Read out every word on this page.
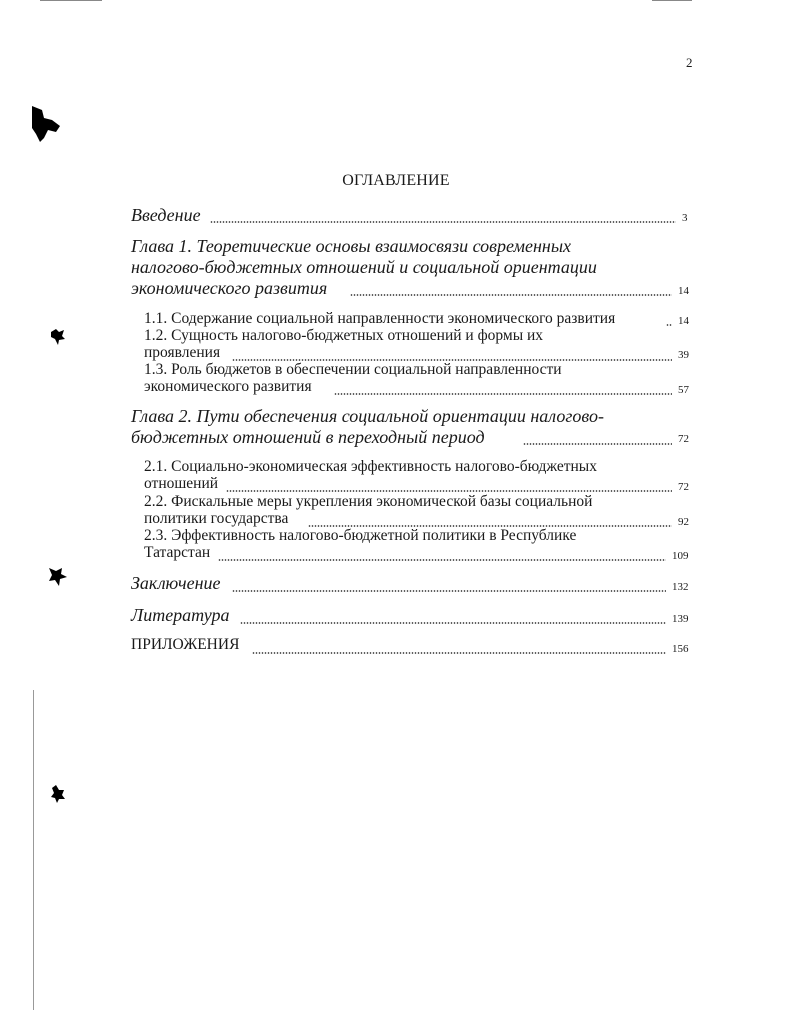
2
ОГЛАВЛЕНИЕ
Введение	3
Глава 1. Теоретические основы взаимосвязи современных
налогово-бюджетных отношений и социальной ориентации
экономического развития	14
1.1. Содержание социальной направленности экономического развития	14
1.2. Сущность налогово-бюджетных отношений и формы их
проявления	39
1.3. Роль бюджетов в обеспечении социальной направленности
экономического развития	57
Глава 2. Пути обеспечения социальной ориентации налогово-
бюджетных отношений в переходный период	72
2.1. Социально-экономическая эффективность налогово-бюджетных
отношений	72
2.2. Фискальные меры укрепления экономической базы социальной
политики государства	92
2.3. Эффективность налогово-бюджетной политики в Республике
Татарстан	109
Заключение	132
Литература	139
ПРИЛОЖЕНИЯ	156
